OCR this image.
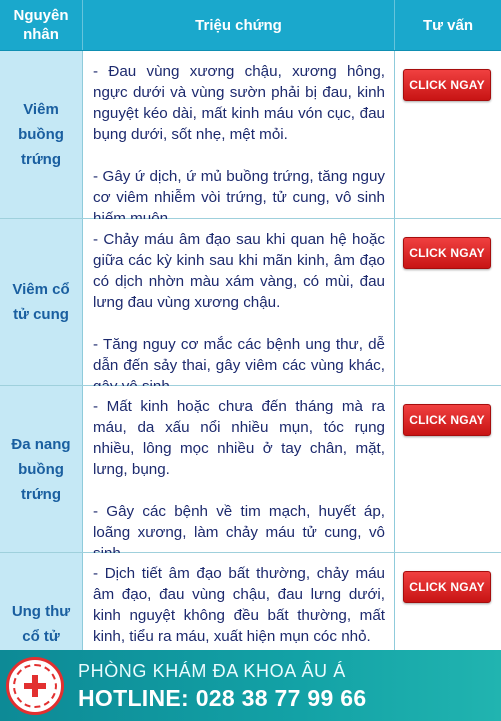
Nguyên nhân
Triệu chứng	Tư vấn
Viêm buồng trứng

- Đau vùng xương chậu, xương hông, ngực dưới và vùng sườn phải bị đau, kinh nguyệt kéo dài, mất kinh máu vón cục, đau bụng dưới, sốt nhẹ, mệt mỏi.

- Gây ứ dịch, ứ mủ buồng trứng, tăng nguy cơ viêm nhiễm vòi trứng, tử cung, vô sinh

CLICK NGAY
Viêm cổ tử cung

- Chảy máu âm đạo sau khi quan hệ hoặc giữa các kỳ kinh sau khi mãn kinh, âm đạo có dịch nhờn màu xám vàng, có mùi, đau lưng đau vùng xương chậu.

- Tăng nguy cơ mắc các bệnh ung thư, dễ dẫn đến sảy thai, gây viêm các vùng khác,

CLICK NGAY
Đa nang buồng trứng

- Mất kinh hoặc chưa đến tháng mà ra máu, da xấu nổi nhiều mụn, tóc rụng nhiều, lông mọc nhiều ở tay chân, mặt, lưng, bụng.

- Gây các bệnh về tim mạch, huyết áp, loãng xương, làm chảy máu tử cung, vô

CLICK NGAY
Ung thư cổ tử

- Dịch tiết âm đạo bất thường, chảy máu âm đạo, đau vùng chậu, đau lưng dưới, kinh nguyệt không đều bất thường, mất kinh, tiểu ra máu, xuất hiện mụn cóc nhỏ.

CLICK NGAY
PHÒNG KHÁM ĐA KHOA ÂU Á
HOTLINE: 028 38 77 99 66
